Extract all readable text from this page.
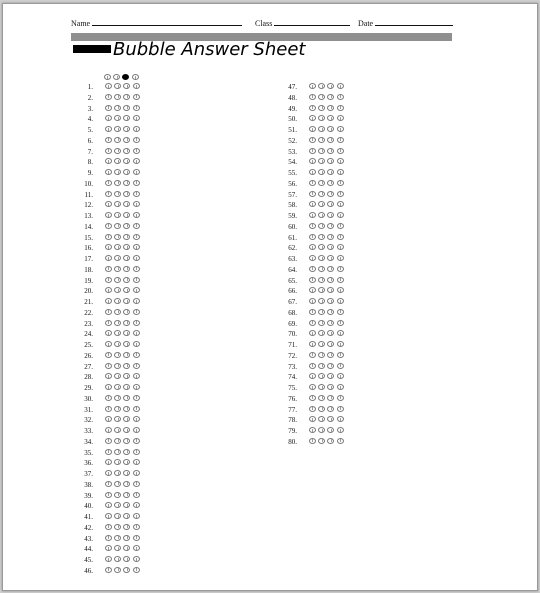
Name	Class	Date
Bubble Answer Sheet
1.
2.
3.
4.
5.
6.
7.
8.
9.
10.
11.
12.
13.
14.
15.
16.
17.
18.
19.
20.
21.
22.
23.
24.
25.
26.
27.
28.
29.
30.
31.
32.
33.
34.
35.
36.
37.
38.
39.
40.
41.
42.
43.
44.
45.
46.
47.
48.
49.
50.
51.
52.
53.
54.
55.
56.
57.
58.
59.
60.
61.
62.
63.
64.
65.
66.
67.
68.
69.
70.
71.
72.
73.
74.
75.
76.
77.
78.
79.
80.
